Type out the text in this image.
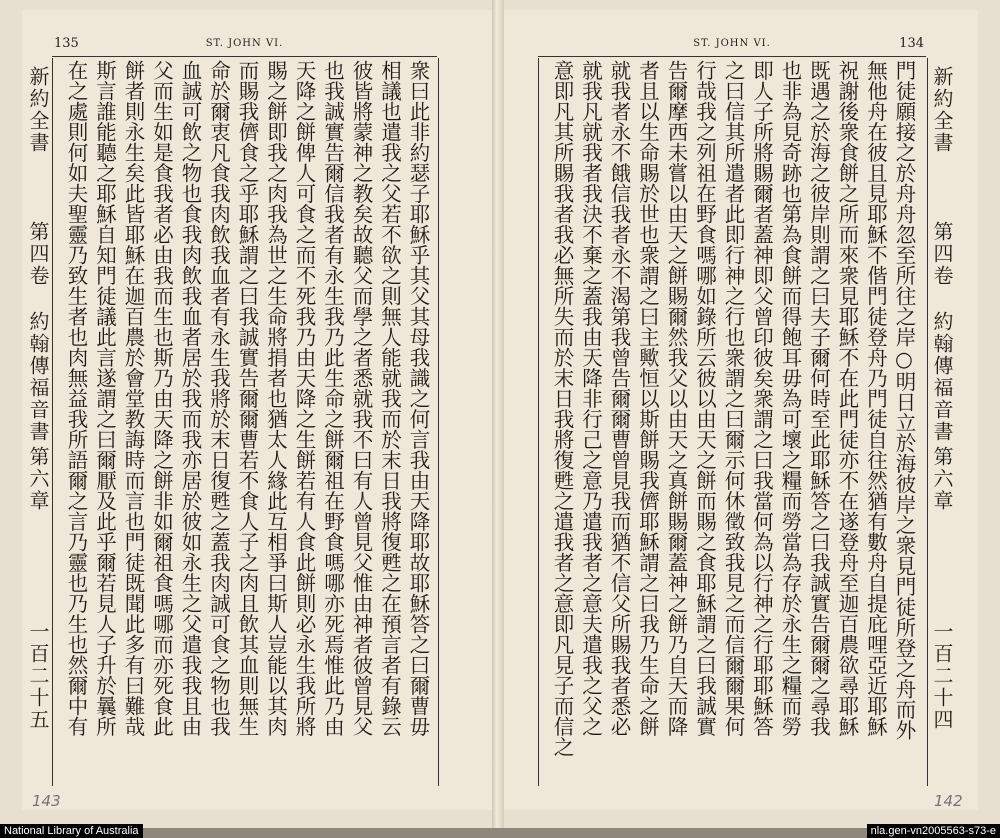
135	ST. JOHN VI.
衆曰此非約瑟子耶穌乎其父其母我識之何言我由天降耶故耶穌答之曰爾曹毋
相議也遣我之父若不欲之則無人能就我而於末日我將復甦之在預言者有錄云
彼皆將蒙神之教矣故聽父而學之者悉就我不曰有人曾見父惟由神者彼曾見父
也我誠實告爾信我者有永生我乃此生命之餅爾祖在野食嗎哪亦死焉惟此乃由
天降之餅俾人可食之而不死我乃由天降之生餅若有人食此餅則必永生我所將
賜之餅即我之肉我為世之生命將捐者也猶太人緣此互相爭曰斯人豈能以其肉
而賜我儕食之乎耶穌謂之曰我誠實告爾爾曹若不食人子之肉且飲其血則無生
命於爾衷凡食我肉飲我血者有永生我將於末日復甦之蓋我肉誠可食之物也我
血誠可飲之物也食我肉飲我血者居於我而我亦居於彼如永生之父遣我我且由
父而生如是食我者必由我而生也斯乃由天降之餅非如爾祖食嗎哪而亦死食此
餅者則永生矣此皆耶穌在迦百農於會堂教誨時而言也門徒既聞此多有曰難哉
斯言誰能聽之耶穌自知門徒議此言遂謂之曰爾厭及此乎爾若見人子升於曩所
在之處則何如夫聖靈乃致生者也肉無益我所語爾之言乃靈也乃生也然爾中有
新約全書
第四卷
約翰傳福音書
第六章
一百二十五
143
ST. JOHN VI.	134
門徒願接之於舟舟忽至所往之岸○明日立於海彼岸之衆見門徒所登之舟而外
無他舟在彼且見耶穌不偕門徒登舟乃門徒自往然猶有數舟自提庇哩亞近耶穌
祝謝後衆食餅之所而來衆見耶穌不在此門徒亦不在遂登舟至迦百農欲尋耶穌
既遇之於海之彼岸則謂之曰夫子爾何時至此耶穌答之曰我誠實告爾爾之尋我
也非為見奇跡也第為食餅而得飽耳毋為可壞之糧而勞當為存於永生之糧而勞
即人子所將賜爾者蓋神即父曾印彼矣衆謂之曰我當何為以行神之行耶耶穌答
之曰信其所遣者此即行神之行也衆謂之曰爾示何休徵致我見之而信爾爾果何
行哉我之列祖在野食嗎哪如錄所云彼以由天之餅而賜之食耶穌謂之曰我誠實
告爾摩西未嘗以由天之餅賜爾然我父以由天之真餅賜爾蓋神之餅乃自天而降
者且以生命賜於世也衆謂之曰主歟恒以斯餅賜我儕耶穌謂之曰我乃生命之餅
就我者永不餓信我者永不渴第我曾告爾爾曹曾見我而猶不信父所賜我者悉必
就我凡就我者我決不棄之蓋我由天降非行己之意乃遣我者之意夫遣我之父之
意即凡其所賜我者我必無所失而於末日我將復甦之遣我者之意即凡見子而信之	新約全書
第四卷
約翰傳福音書
第六章
一百二十四
142
National Library of Australia	nla.gen-vn2005563-s73-e
